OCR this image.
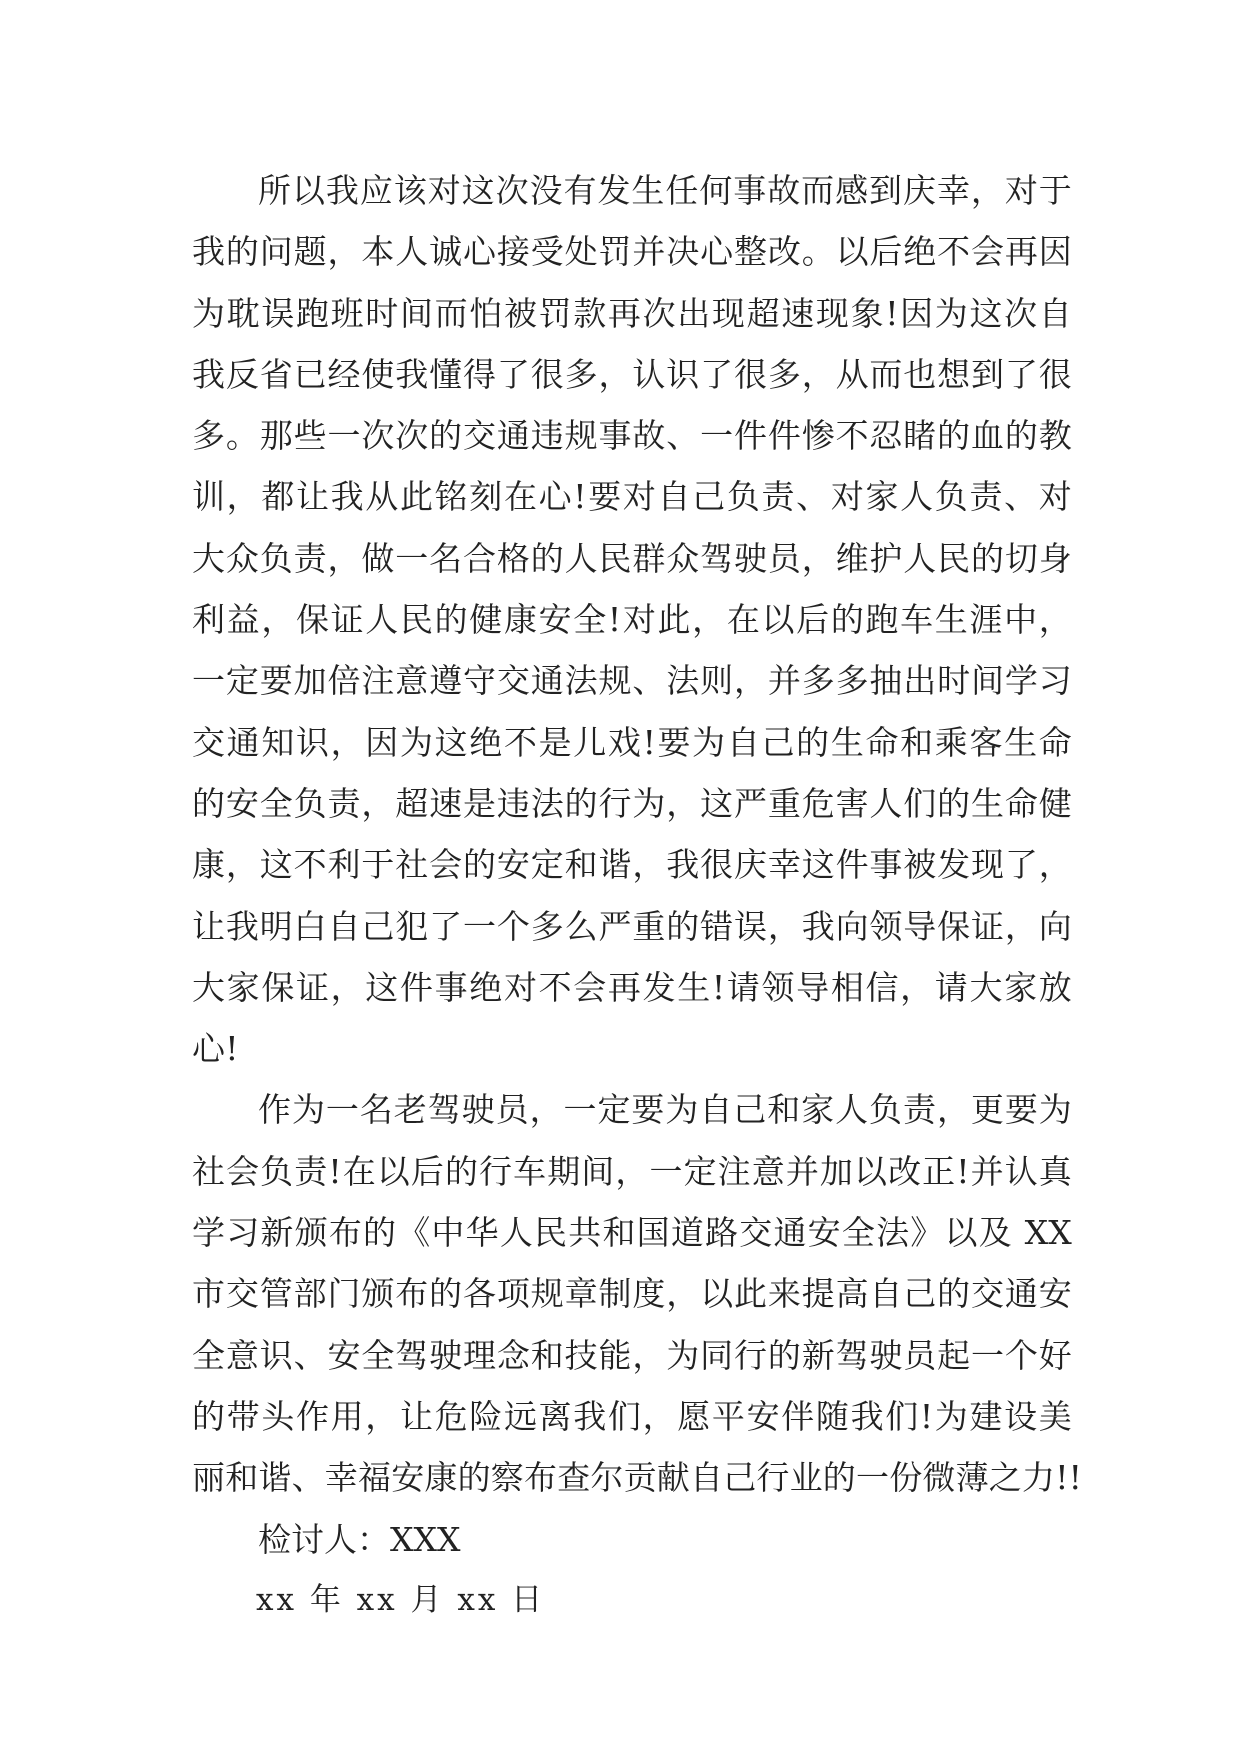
所以我应该对这次没有发生任何事故而感到庆幸，对于
我的问题，本人诚心接受处罚并决心整改。以后绝不会再因
为耽误跑班时间而怕被罚款再次出现超速现象!因为这次自
我反省已经使我懂得了很多，认识了很多，从而也想到了很
多。那些一次次的交通违规事故、一件件惨不忍睹的血的教
训，都让我从此铭刻在心!要对自己负责、对家人负责、对
大众负责，做一名合格的人民群众驾驶员，维护人民的切身
利益，保证人民的健康安全!对此，在以后的跑车生涯中，
一定要加倍注意遵守交通法规、法则，并多多抽出时间学习
交通知识，因为这绝不是儿戏!要为自己的生命和乘客生命
的安全负责，超速是违法的行为，这严重危害人们的生命健
康，这不利于社会的安定和谐，我很庆幸这件事被发现了，
让我明白自己犯了一个多么严重的错误，我向领导保证，向
大家保证，这件事绝对不会再发生!请领导相信，请大家放
心!
作为一名老驾驶员，一定要为自己和家人负责，更要为
社会负责!在以后的行车期间，一定注意并加以改正!并认真
学习新颁布的《中华人民共和国道路交通安全法》以及 XX
市交管部门颁布的各项规章制度，以此来提高自己的交通安
全意识、安全驾驶理念和技能，为同行的新驾驶员起一个好
的带头作用，让危险远离我们，愿平安伴随我们!为建设美
丽和谐、幸福安康的察布查尔贡献自己行业的一份微薄之力!!
检讨人：XXX
xx 年 xx 月 xx 日
